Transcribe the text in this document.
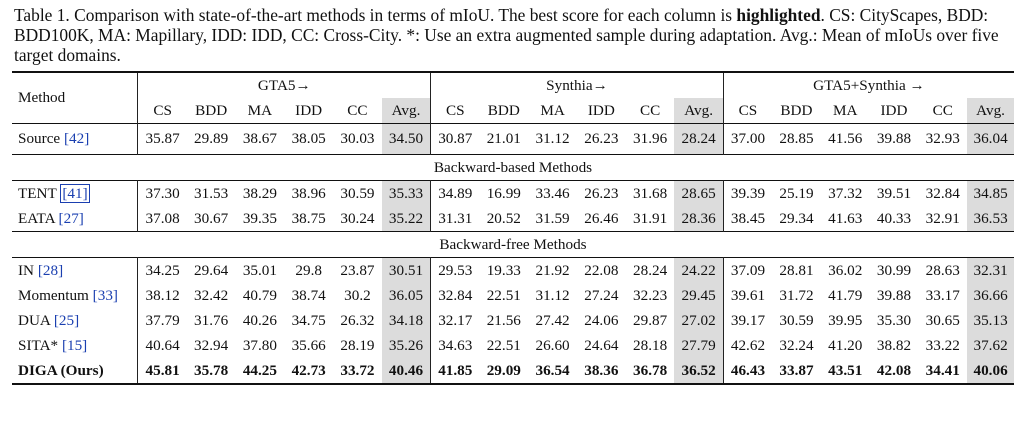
Table 1. Comparison with state-of-the-art methods in terms of mIoU. The best score for each column is highlighted. CS: CityScapes, BDD: BDD100K, MA: Mapillary, IDD: IDD, CC: Cross-City. *: Use an extra augmented sample during adaptation. Avg.: Mean of mIoUs over five target domains.
Method	GTA5→						Synthia→						GTA5+Synthia →					
	CS	BDD	MA	IDD	CC	Avg.	CS	BDD	MA	IDD	CC	Avg.	CS	BDD	MA	IDD	CC	Avg.
Source [42]	35.87	29.89	38.67	38.05	30.03	34.50	30.87	21.01	31.12	26.23	31.96	28.24	37.00	28.85	41.56	39.88	32.93	36.04
Backward-based Methods																		
TENT [41]	37.30	31.53	38.29	38.96	30.59	35.33	34.89	16.99	33.46	26.23	31.68	28.65	39.39	25.19	37.32	39.51	32.84	34.85
EATA [27]	37.08	30.67	39.35	38.75	30.24	35.22	31.31	20.52	31.59	26.46	31.91	28.36	38.45	29.34	41.63	40.33	32.91	36.53
Backward-free Methods																		
IN [28]	34.25	29.64	35.01	29.8	23.87	30.51	29.53	19.33	21.92	22.08	28.24	24.22	37.09	28.81	36.02	30.99	28.63	32.31
Momentum [33]	38.12	32.42	40.79	38.74	30.2	36.05	32.84	22.51	31.12	27.24	32.23	29.45	39.61	31.72	41.79	39.88	33.17	36.66
DUA [25]	37.79	31.76	40.26	34.75	26.32	34.18	32.17	21.56	27.42	24.06	29.87	27.02	39.17	30.59	39.95	35.30	30.65	35.13
SITA* [15]	40.64	32.94	37.80	35.66	28.19	35.26	34.63	22.51	26.60	24.64	28.18	27.79	42.62	32.24	41.20	38.82	33.22	37.62
DIGA (Ours)	45.81	35.78	44.25	42.73	33.72	40.46	41.85	29.09	36.54	38.36	36.78	36.52	46.43	33.87	43.51	42.08	34.41	40.06
